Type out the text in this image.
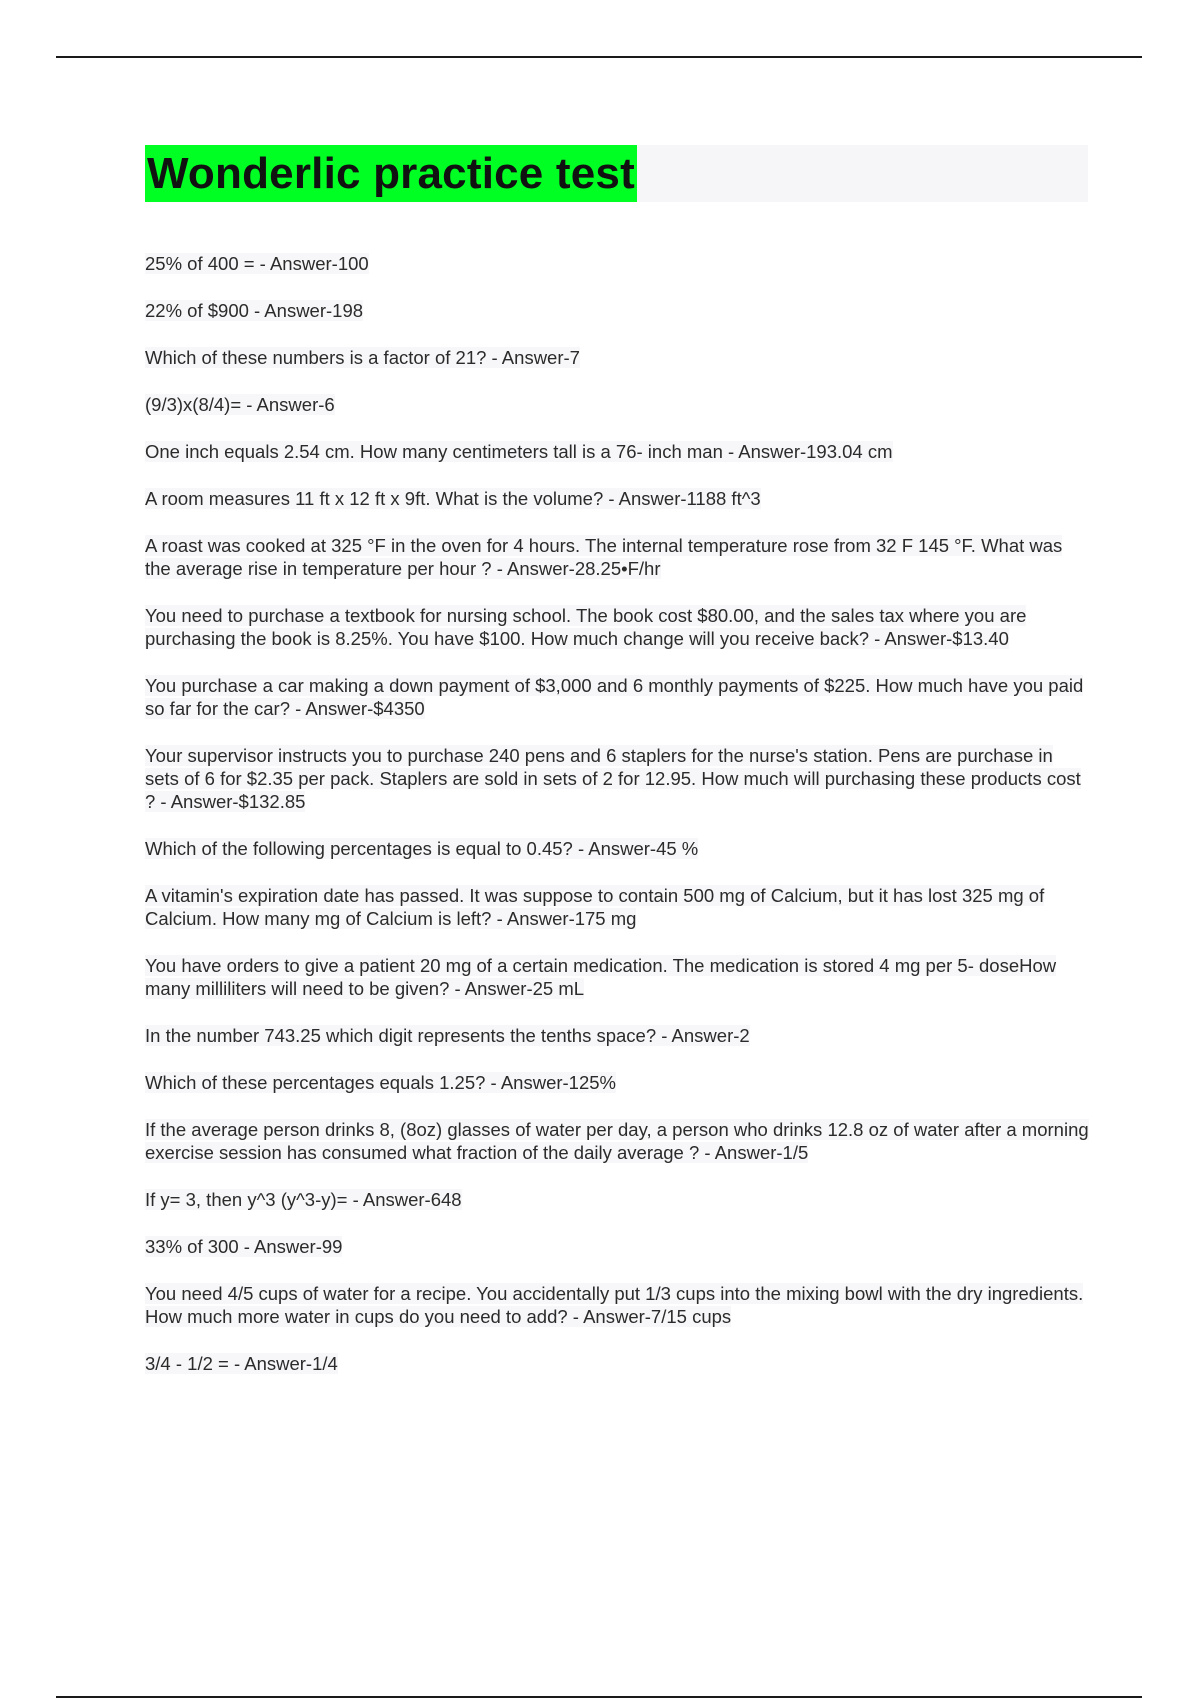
Wonderlic practice test
25% of 400 = - Answer-100
22% of $900 - Answer-198
Which of these numbers is a factor of 21? - Answer-7
(9/3)x(8/4)= - Answer-6
One inch equals 2.54 cm. How many centimeters tall is a 76- inch man - Answer-193.04 cm
A room measures 11 ft x 12 ft x 9ft. What is the volume? - Answer-1188 ft^3
A roast was cooked at 325 °F in the oven for 4 hours. The internal temperature rose from 32 F 145 °F. What was the average rise in temperature per hour ? - Answer-28.25•F/hr
You need to purchase a textbook for nursing school. The book cost $80.00, and the sales tax where you are purchasing the book is 8.25%. You have $100. How much change will you receive back? - Answer-$13.40
You purchase a car making a down payment of $3,000 and 6 monthly payments of $225. How much have you paid so far for the car? - Answer-$4350
Your supervisor instructs you to purchase 240 pens and 6 staplers for the nurse's station. Pens are purchase in sets of 6 for $2.35 per pack. Staplers are sold in sets of 2 for 12.95. How much will purchasing these products cost ? - Answer-$132.85
Which of the following percentages is equal to 0.45? - Answer-45 %
A vitamin's expiration date has passed. It was suppose to contain 500 mg of Calcium, but it has lost 325 mg of Calcium. How many mg of Calcium is left? - Answer-175 mg
You have orders to give a patient 20 mg of a certain medication. The medication is stored 4 mg per 5- doseHow many milliliters will need to be given? - Answer-25 mL
In the number 743.25 which digit represents the tenths space? - Answer-2
Which of these percentages equals 1.25? - Answer-125%
If the average person drinks 8, (8oz) glasses of water per day, a person who drinks 12.8 oz of water after a morning exercise session has consumed what fraction of the daily average ? - Answer-1/5
If y= 3, then y^3 (y^3-y)= - Answer-648
33% of 300 - Answer-99
You need 4/5 cups of water for a recipe. You accidentally put 1/3 cups into the mixing bowl with the dry ingredients. How much more water in cups do you need to add? - Answer-7/15 cups
3/4 - 1/2 = - Answer-1/4
